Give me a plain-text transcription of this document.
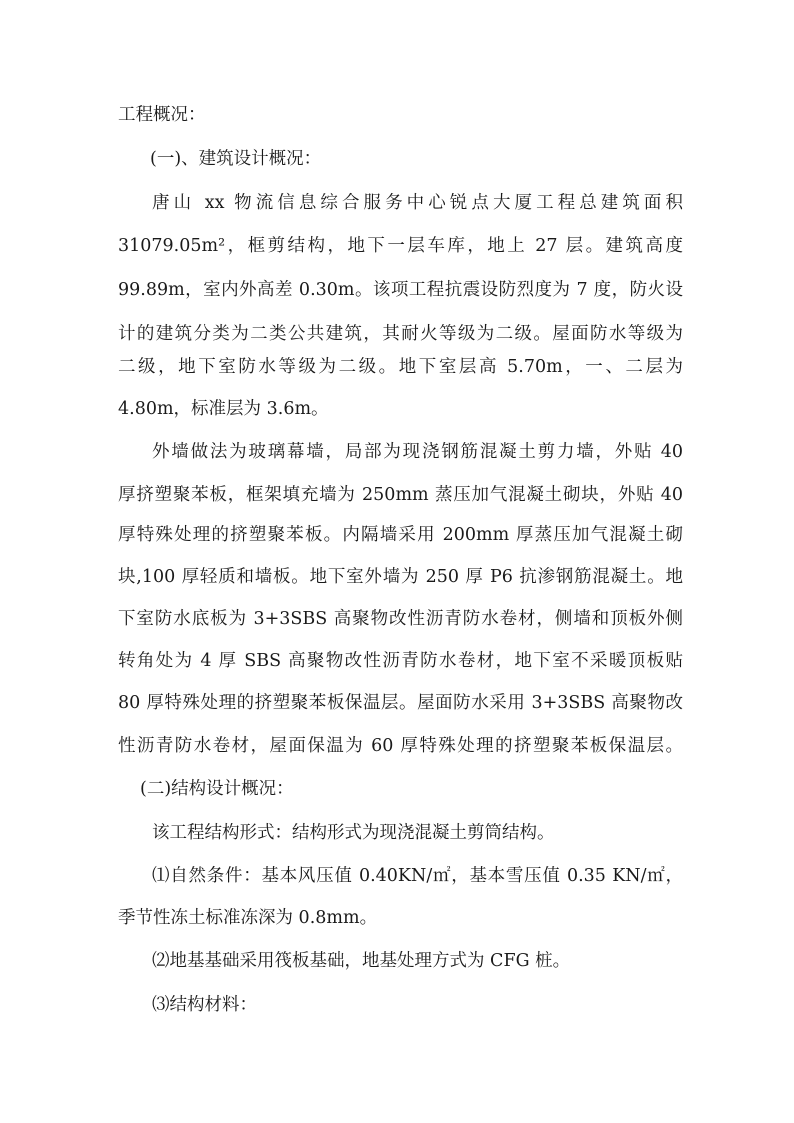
工程概况：
(一)、建筑设计概况：
唐山 xx 物流信息综合服务中心锐点大厦工程总建筑面积
31079.05m²，框剪结构，地下一层车库，地上 27 层。建筑高度
99.89m，室内外高差 0.30m。该项工程抗震设防烈度为 7 度，防火设
计的建筑分类为二类公共建筑，其耐火等级为二级。屋面防水等级为
二级，地下室防水等级为二级。地下室层高 5.70m，一、二层为
4.80m，标准层为 3.6m。
外墙做法为玻璃幕墙，局部为现浇钢筋混凝土剪力墙，外贴 40
厚挤塑聚苯板，框架填充墙为 250mm 蒸压加气混凝土砌块，外贴 40
厚特殊处理的挤塑聚苯板。内隔墙采用 200mm 厚蒸压加气混凝土砌
块,100 厚轻质和墙板。地下室外墙为 250 厚 P6 抗渗钢筋混凝土。地
下室防水底板为 3+3SBS 高聚物改性沥青防水卷材，侧墙和顶板外侧
转角处为 4 厚 SBS 高聚物改性沥青防水卷材，地下室不采暖顶板贴
80 厚特殊处理的挤塑聚苯板保温层。屋面防水采用 3+3SBS 高聚物改
性沥青防水卷材，屋面保温为 60 厚特殊处理的挤塑聚苯板保温层。
(二)结构设计概况：
该工程结构形式：结构形式为现浇混凝土剪筒结构。
⑴自然条件：基本风压值 0.40KN/㎡，基本雪压值 0.35 KN/㎡，
季节性冻土标准冻深为 0.8mm。
⑵地基基础采用筏板基础，地基处理方式为 CFG 桩。
⑶结构材料：
